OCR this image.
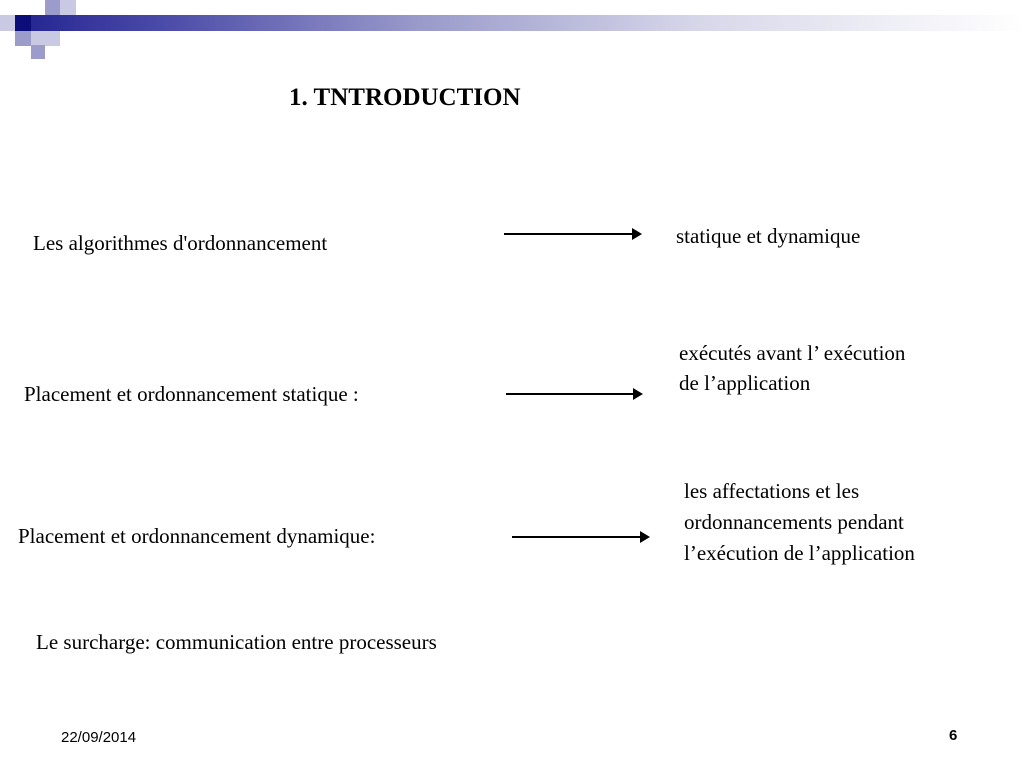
1. TNTRODUCTION
Les algorithmes d'ordonnancement	statique et dynamique
Placement et ordonnancement statique :
exécutés avant l’ exécution
de l’application
Placement et ordonnancement dynamique:
les affectations et les
ordonnancements pendant
l’exécution de l’application
Le surcharge: communication entre processeurs
22/09/2014	6
